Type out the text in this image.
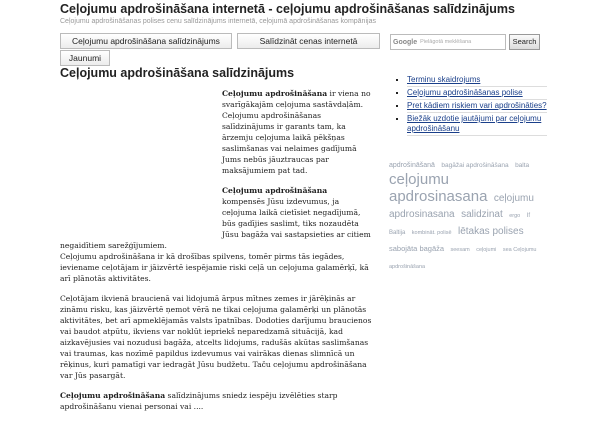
Ceļojumu apdrošināšana internetā - ceļojumu apdrošināšanas salīdzinājums
Ceļojumu apdrošināšanas polises cenu salīdzinājums internetā, ceļojumā apdrošināšanas kompānijas
Ceļojumu apdrošināšana salīdzinājums	Salīdzināt cenas internetā
Jaunumi
Google Pielāgotā meklēšana	Search
Ceļojumu apdrošināšana salīdzinājums
Ceļojumu apdrošināšana ir viena no svarīgākajām ceļojuma sastāvdaļām. Ceļojumu apdrošināšanas salīdzinājums ir garants tam, ka ārzemju ceļojuma laikā pēkšņas saslimšanas vai nelaimes gadījumā Jums nebūs jāuztraucas par maksājumiem pat tad.
Ceļojumu apdrošināšana kompensēs Jūsu izdevumus, ja ceļojuma laikā cietīsiet negadījumā, būs gadījies saslimt, tiks nozaudēta Jūsu bagāža vai sastapsieties ar citiem
negaidītiem sarežģījumiem.
Ceļojumu apdrošināšana ir kā drošības spilvens, tomēr pirms tās iegādes, ieviename ceļotājam ir jāizvērtē iespējamie riski ceļā un ceļojuma galamērķī, kā arī plānotās aktivitātes.
Ceļotājam ikvienā braucienā vai lidojumā ārpus mītnes zemes ir jārēķinās ar zināmu risku, kas jāizvērtē ņemot vērā ne tikai ceļojuma galamērķi un plānotās aktivitātes, bet arī apmeklējamās valsts īpatnības. Dodoties darījumu braucienos vai baudot atpūtu, ikviens var noklūt iepriekš neparedzamā situācijā, kad aizkavējusies vai nozudusi bagāža, atcelts lidojums, radušās akūtas saslimšanas vai traumas, kas nozīmē papildus izdevumus vai vairākas dienas slimnīcā un rēķinus, kuri pamatīgi var iedragāt Jūsu budžetu. Taču ceļojumu apdrošināšana var Jūs pasargāt.
Ceļojumu apdrošināšana salīdzinājums sniedz iespēju izvēlēties starp apdrošināšanu vienai personai vai ....
▪ Terminu skaidrojums
▪ Ceļojumu apdrošināšanas polise
▪ Pret kādiem riskiem vari apdrošināties?
▪ Biežāk uzdotie jautājumi par ceļojumu apdrošināšanu
apdrošināšanā bagāžai apdrošināšana balta ceļojumu apdrosinasana ceļojumu apdrosinasana salidzinat ergo If Baltija kombināt. polisē lētakas polises sabojāta bagāža seesam ceļojumi sea Ceļojumu apdrošināšana
